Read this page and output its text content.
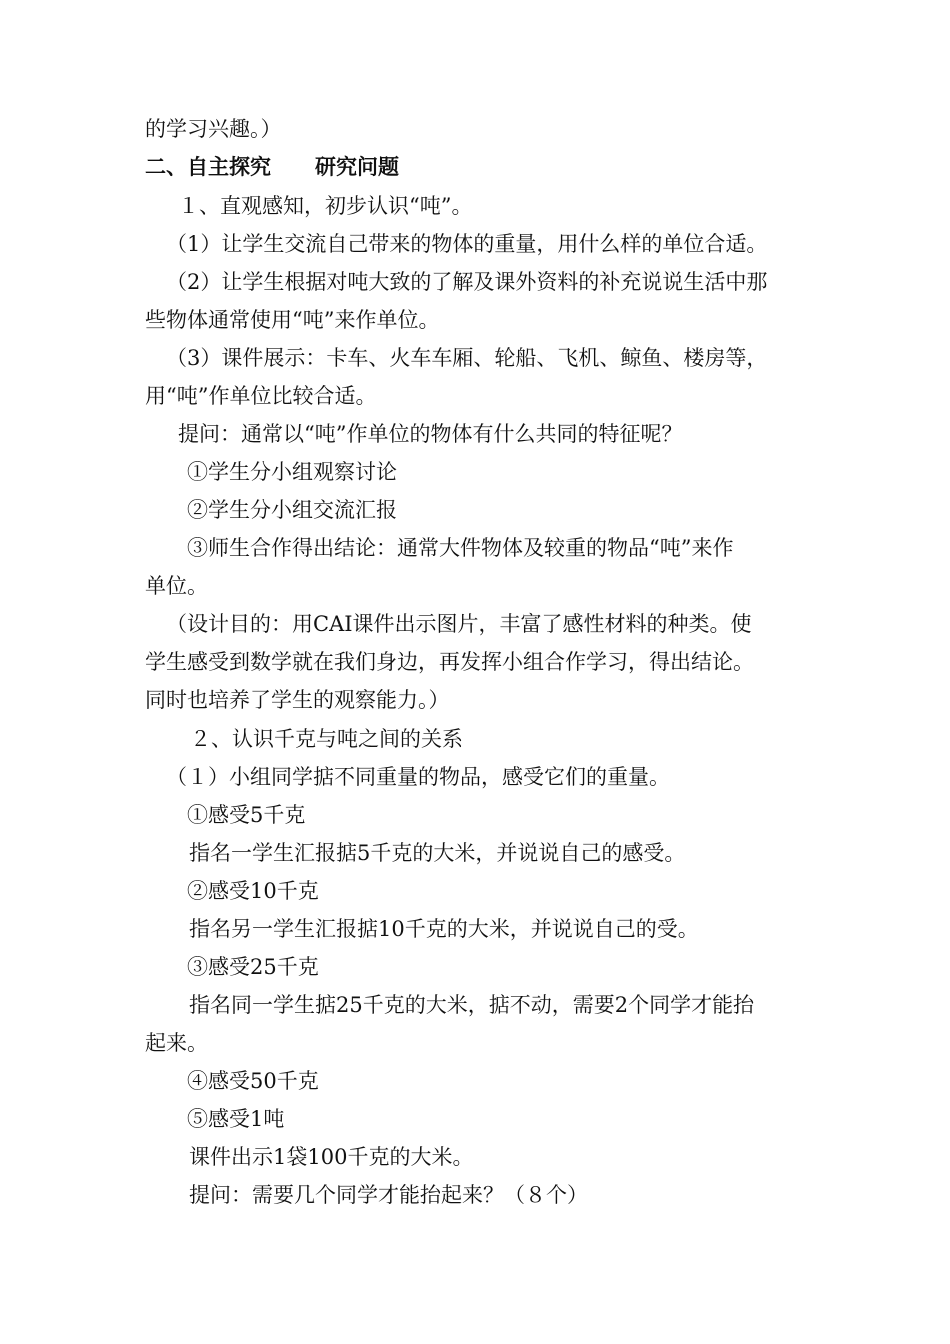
的学习兴趣。）
二、自主探究 研究问题
１、直观感知，初步认识“吨”。
（1）让学生交流自己带来的物体的重量，用什么样的单位合适。
（2）让学生根据对吨大致的了解及课外资料的补充说说生活中那
些物体通常使用“吨”来作单位。
（3）课件展示：卡车、火车车厢、轮船、飞机、鲸鱼、楼房等，
用“吨”作单位比较合适。
提问：通常以“吨”作单位的物体有什么共同的特征呢？
①学生分小组观察讨论
②学生分小组交流汇报
③师生合作得出结论：通常大件物体及较重的物品“吨”来作
单位。
（设计目的：用CAI课件出示图片，丰富了感性材料的种类。使
学生感受到数学就在我们身边，再发挥小组合作学习，得出结论。
同时也培养了学生的观察能力。）
２、认识千克与吨之间的关系
（１）小组同学掂不同重量的物品，感受它们的重量。
①感受5千克
指名一学生汇报掂5千克的大米，并说说自己的感受。
②感受10千克
指名另一学生汇报掂10千克的大米，并说说自己的受。
③感受25千克
指名同一学生掂25千克的大米，掂不动，需要2个同学才能抬
起来。
④感受50千克
⑤感受1吨
课件出示1袋100千克的大米。
提问：需要几个同学才能抬起来？（８个）
